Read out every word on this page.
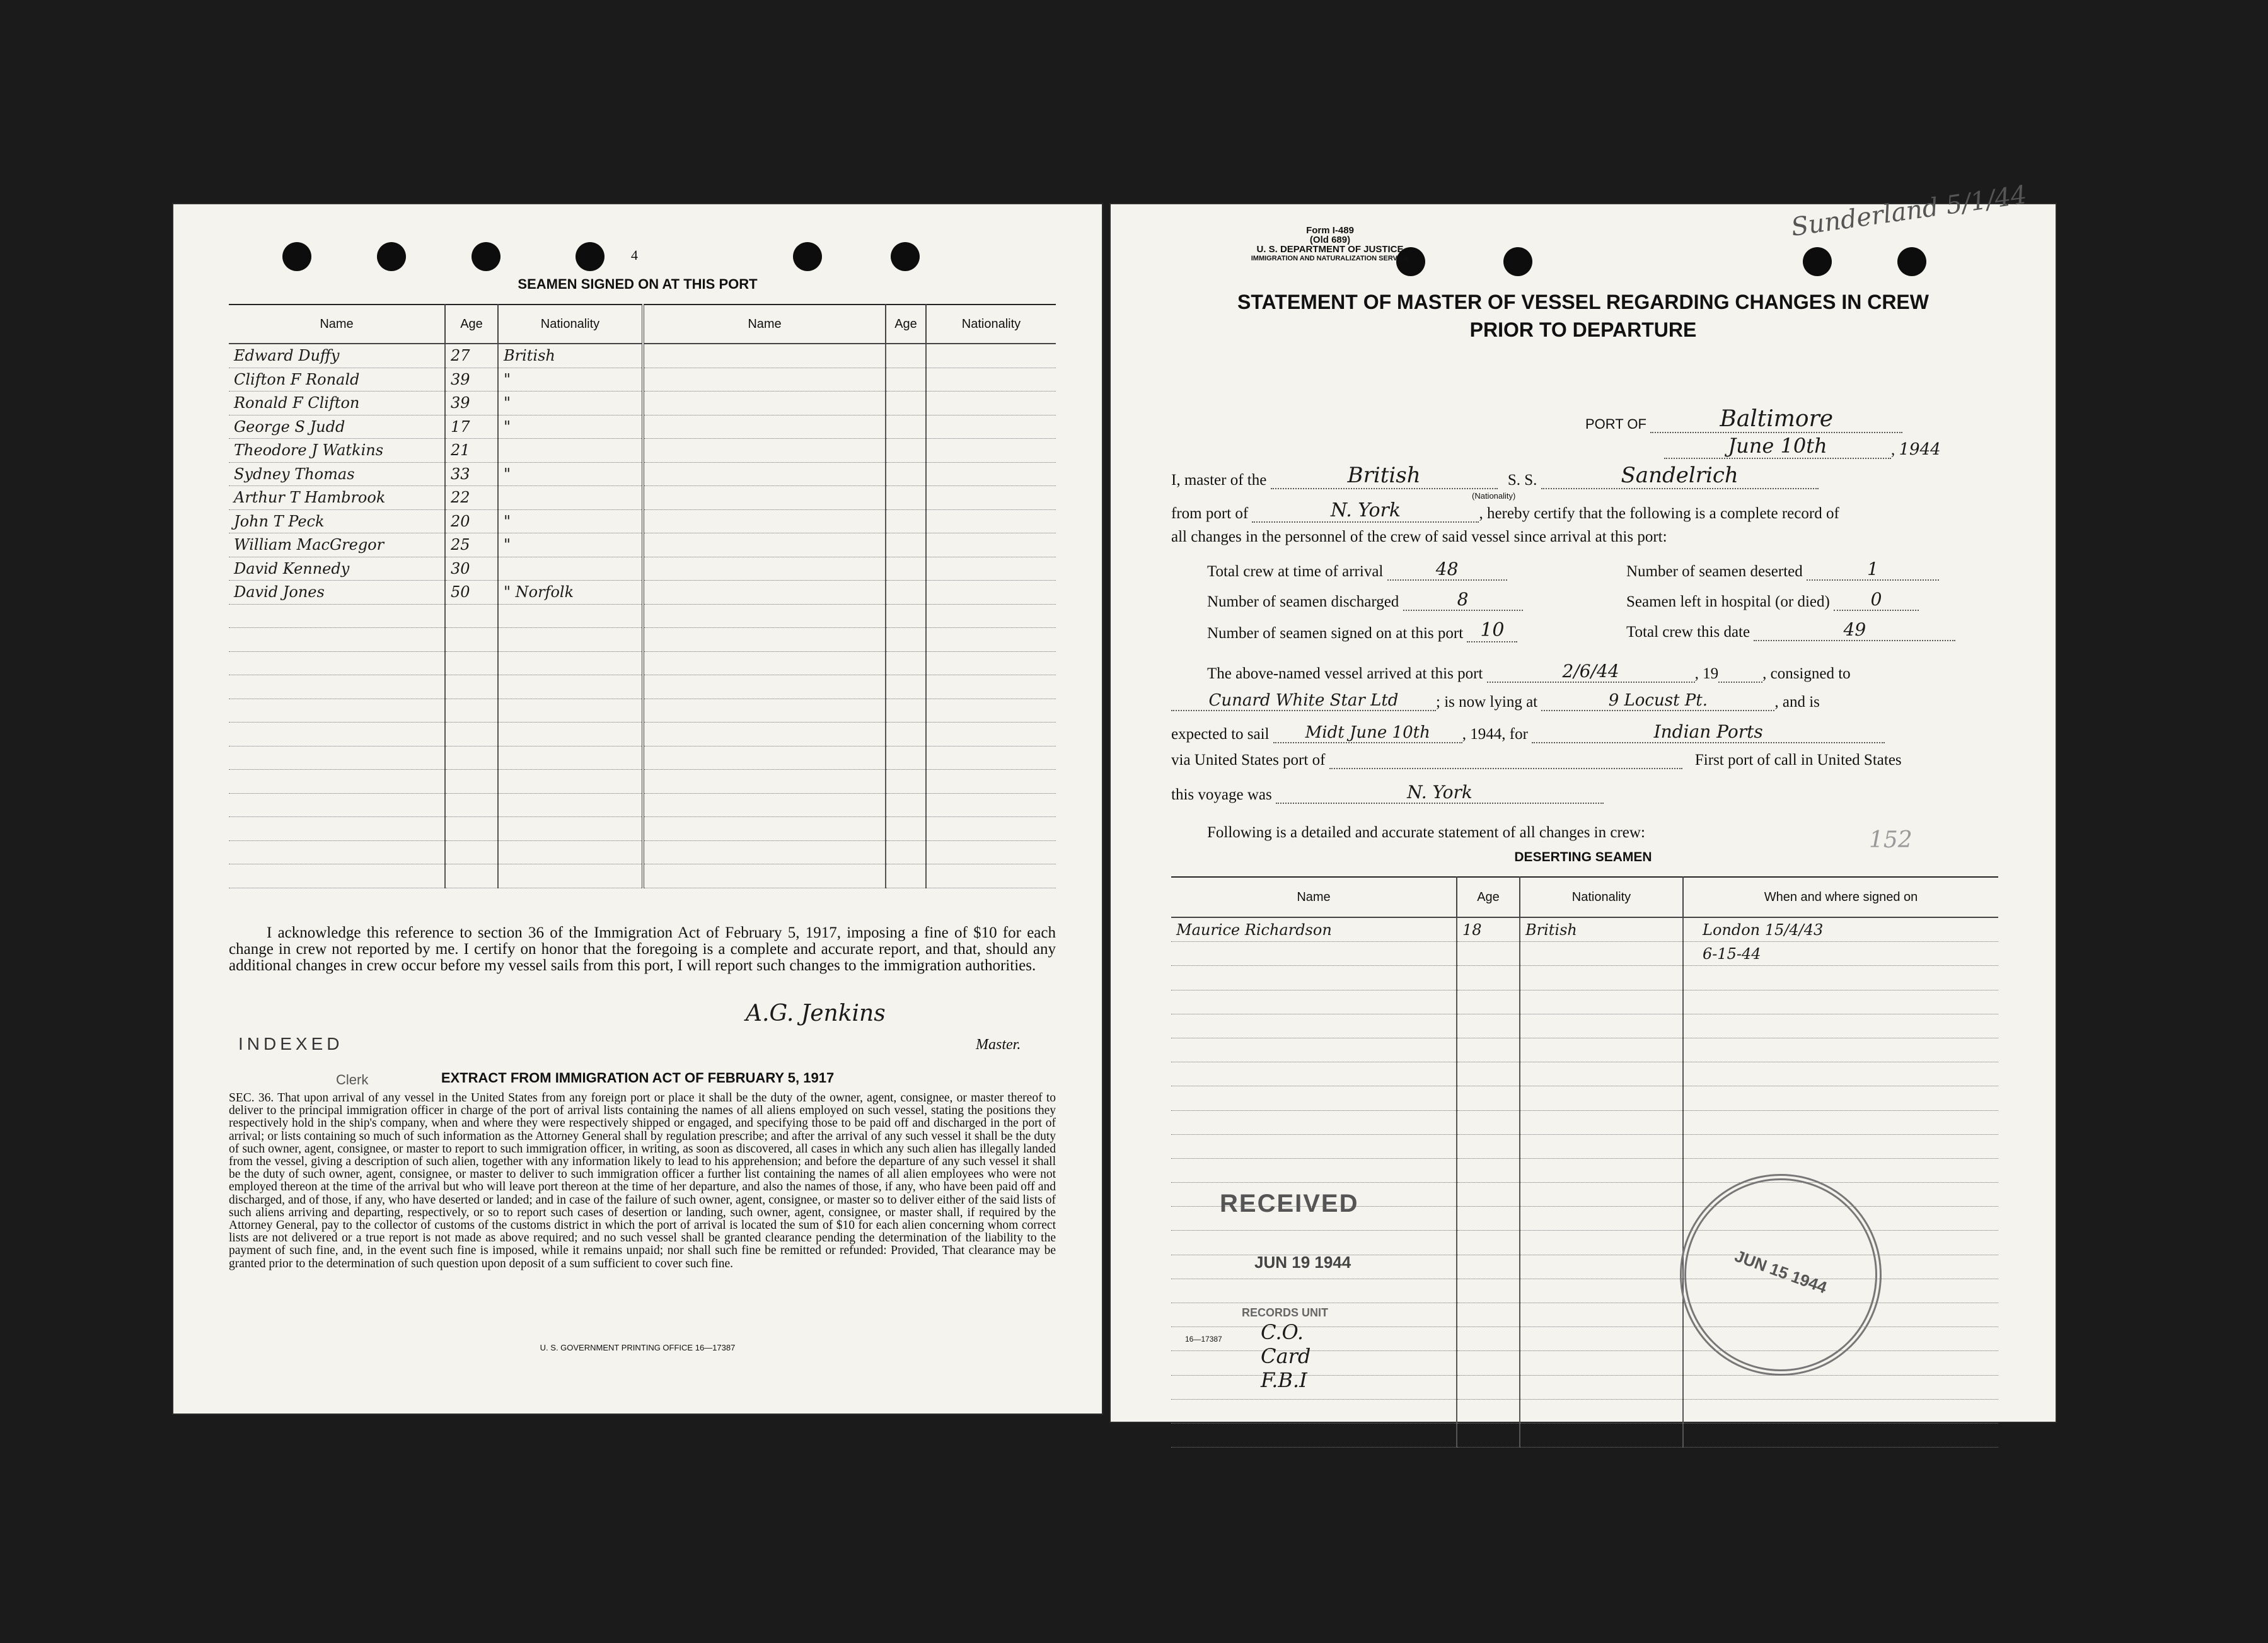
4
SEAMEN SIGNED ON AT THIS PORT
Name	Age	Nationality	Name	Age	Nationality
Edward Duffy	27	British			
Clifton F Ronald	39	"			
Ronald F Clifton	39	"			
George S Judd	17	"			
Theodore J Watkins	21				
Sydney Thomas	33	"			
Arthur T Hambrook	22				
John T Peck	20	"			
William MacGregor	25	"			
David Kennedy	30				
David Jones	50	" Norfolk			

I acknowledge this reference to section 36 of the Immigration Act of February 5, 1917, imposing a fine of $10 for each change in crew not reported by me. I certify on honor that the foregoing is a complete and accurate report, and that, should any additional changes in crew occur before my vessel sails from this port, I will report such changes to the immigration authorities.
A.G. Jenkins
Master.
INDEXED
Clerk	EXTRACT FROM IMMIGRATION ACT OF FEBRUARY 5, 1917
SEC. 36. That upon arrival of any vessel in the United States from any foreign port or place it shall be the duty of the owner, agent, consignee, or master thereof to deliver to the principal immigration officer in charge of the port of arrival lists containing the names of all aliens employed on such vessel, stating the positions they respectively hold in the ship's company, when and where they were respectively shipped or engaged, and specifying those to be paid off and discharged in the port of arrival; or lists containing so much of such information as the Attorney General shall by regulation prescribe; and after the arrival of any such vessel it shall be the duty of such owner, agent, consignee, or master to report to such immigration officer, in writing, as soon as discovered, all cases in which any such alien has illegally landed from the vessel, giving a description of such alien, together with any information likely to lead to his apprehension; and before the departure of any such vessel it shall be the duty of such owner, agent, consignee, or master to deliver to such immigration officer a further list containing the names of all alien employees who were not employed thereon at the time of the arrival but who will leave port thereon at the time of her departure, and also the names of those, if any, who have been paid off and discharged, and of those, if any, who have deserted or landed; and in case of the failure of such owner, agent, consignee, or master so to deliver either of the said lists of such aliens arriving and departing, respectively, or so to report such cases of desertion or landing, such owner, agent, consignee, or master shall, if required by the Attorney General, pay to the collector of customs of the customs district in which the port of arrival is located the sum of $10 for each alien concerning whom correct lists are not delivered or a true report is not made as above required; and no such vessel shall be granted clearance pending the determination of the liability to the payment of such fine, and, in the event such fine is imposed, while it remains unpaid; nor shall such fine be remitted or refunded: Provided, That clearance may be granted prior to the determination of such question upon deposit of a sum sufficient to cover such fine.
U. S. GOVERNMENT PRINTING OFFICE 16—17387
Form I-489
(Old 689)
U. S. DEPARTMENT OF JUSTICE
IMMIGRATION AND NATURALIZATION SERVICE
Sunderland 5/1/44
STATEMENT OF MASTER OF VESSEL REGARDING CHANGES IN CREW
PRIOR TO DEPARTURE
PORT OF	Baltimore
June 10th	, 1944
I, master of the	British	S. S.	Sandelrich
(Nationality)
from port of	N. York	, hereby certify that the following is a complete record of
all changes in the personnel of the crew of said vessel since arrival at this port:
Total crew at time of arrival	48	Number of seamen deserted	1
Number of seamen discharged	8	Seamen left in hospital (or died) 0
Number of seamen signed on at this port 10	Total crew this date	49
The above-named vessel arrived at this port	2/6/44	, 19	, consigned to
Cunard White Star Ltd ; is now lying at	9 Locust Pt.	, and is
expected to sail Midt June 10th , 1944, for	Indian Ports
via United States port of	First port of call in United States
this voyage was	N. York
Following is a detailed and accurate statement of all changes in crew:
DESERTING SEAMEN
152
Name	Age	Nationality	When and where signed on
Maurice Richardson	18	British	London 15/4/43
			6-15-44

RECEIVED
JUN 19 1944
RECORDS UNIT
JUN 15 1944
16—17387 C.O.
Card
F.B.I
